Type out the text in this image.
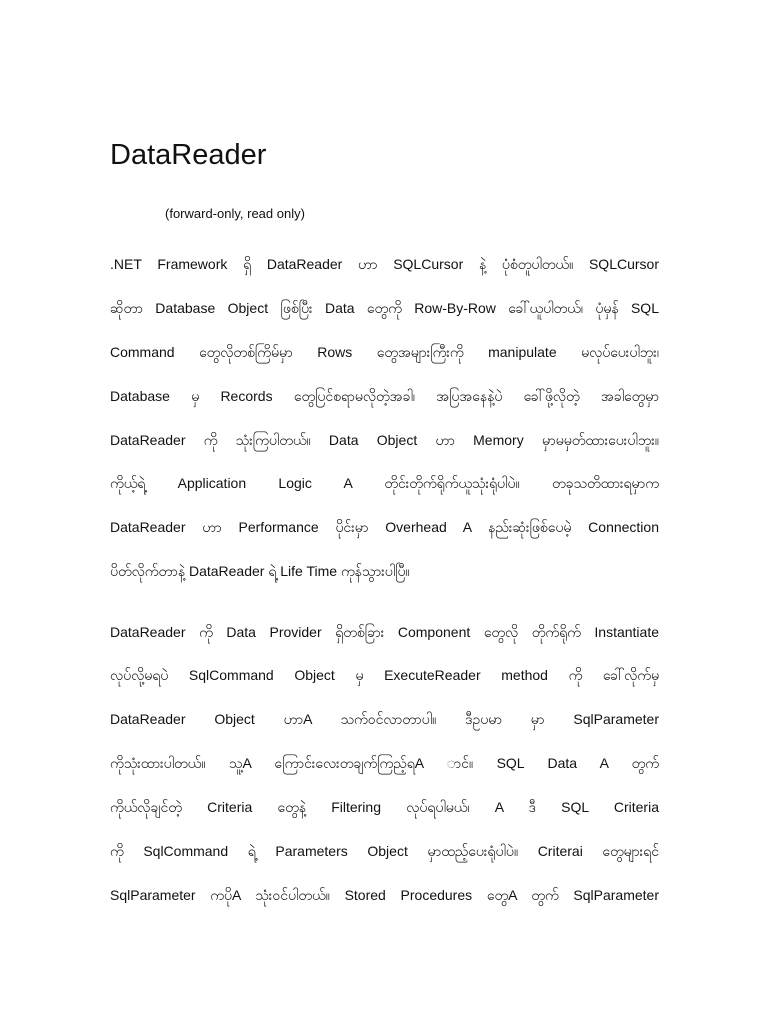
DataReader
(forward-only, read only)
.NET Framework ရှိ DataReader ဟာ SQLCursor နဲ့ ပုံစံတူပါတယ်။ SQLCursor
ဆိုတာ Database Object ဖြစ်ပြီး Data တွေကို Row-By-Row ခေါ်ယူပါတယ်၊ ပုံမှန် SQL
Command တွေလိုတစ်ကြိမ်မှာ Rows တွေအများကြီးကို manipulate မလုပ်ပေးပါဘူး၊
Database မှ Records တွေပြင်စရာမလိုတဲ့အခါ၊ အပြအနေနဲ့ပဲ ခေါ်ဖို့လိုတဲ့ အခါတွေမှာ
DataReader ကို သုံးကြပါတယ်။ Data Object ဟာ Memory မှာမမှတ်ထားပေးပါဘူး။
ကိုယ့်ရဲ့ Application Logic A တိုင်းတိုက်ရိုက်ယူသုံးရုံပါပဲ။ တခုသတိထားရမှာက
DataReader ဟာ Performance ပိုင်းမှာ Overhead A နည်းဆုံးဖြစ်ပေမဲ့ Connection
ပိတ်လိုက်တာနဲ့ DataReader ရဲ့ Life Time ကုန်သွားပါပြီ။
DataReader ကို Data Provider ရှိတစ်ခြား Component တွေလို တိုက်ရိုက် Instantiate
လုပ်လို့မရပဲ SqlCommand Object မှ ExecuteReader method ကို ခေါ်လိုက်မှ
DataReader Object ဟာA သက်ဝင်လာတာပါ။ ဒီဥပမာ မှာ SqlParameter
ကိုသုံးထားပါတယ်။ သူ့A ကြောင်းလေးတချက်ကြည့်ရA ာင်။ SQL Data A တွက်
ကိုယ်လိုချင်တဲ့ Criteria တွေနဲ့ Filtering လုပ်ရပါမယ်၊ A ဒီ SQL Criteria
ကို SqlCommand ရဲ့ Parameters Object မှာထည့်ပေးရုံပါပဲ။ Criterai တွေများရင်
SqlParameter ကပိုA သုံးဝင်ပါတယ်။ Stored Procedures တွေA တွက် SqlParameter
